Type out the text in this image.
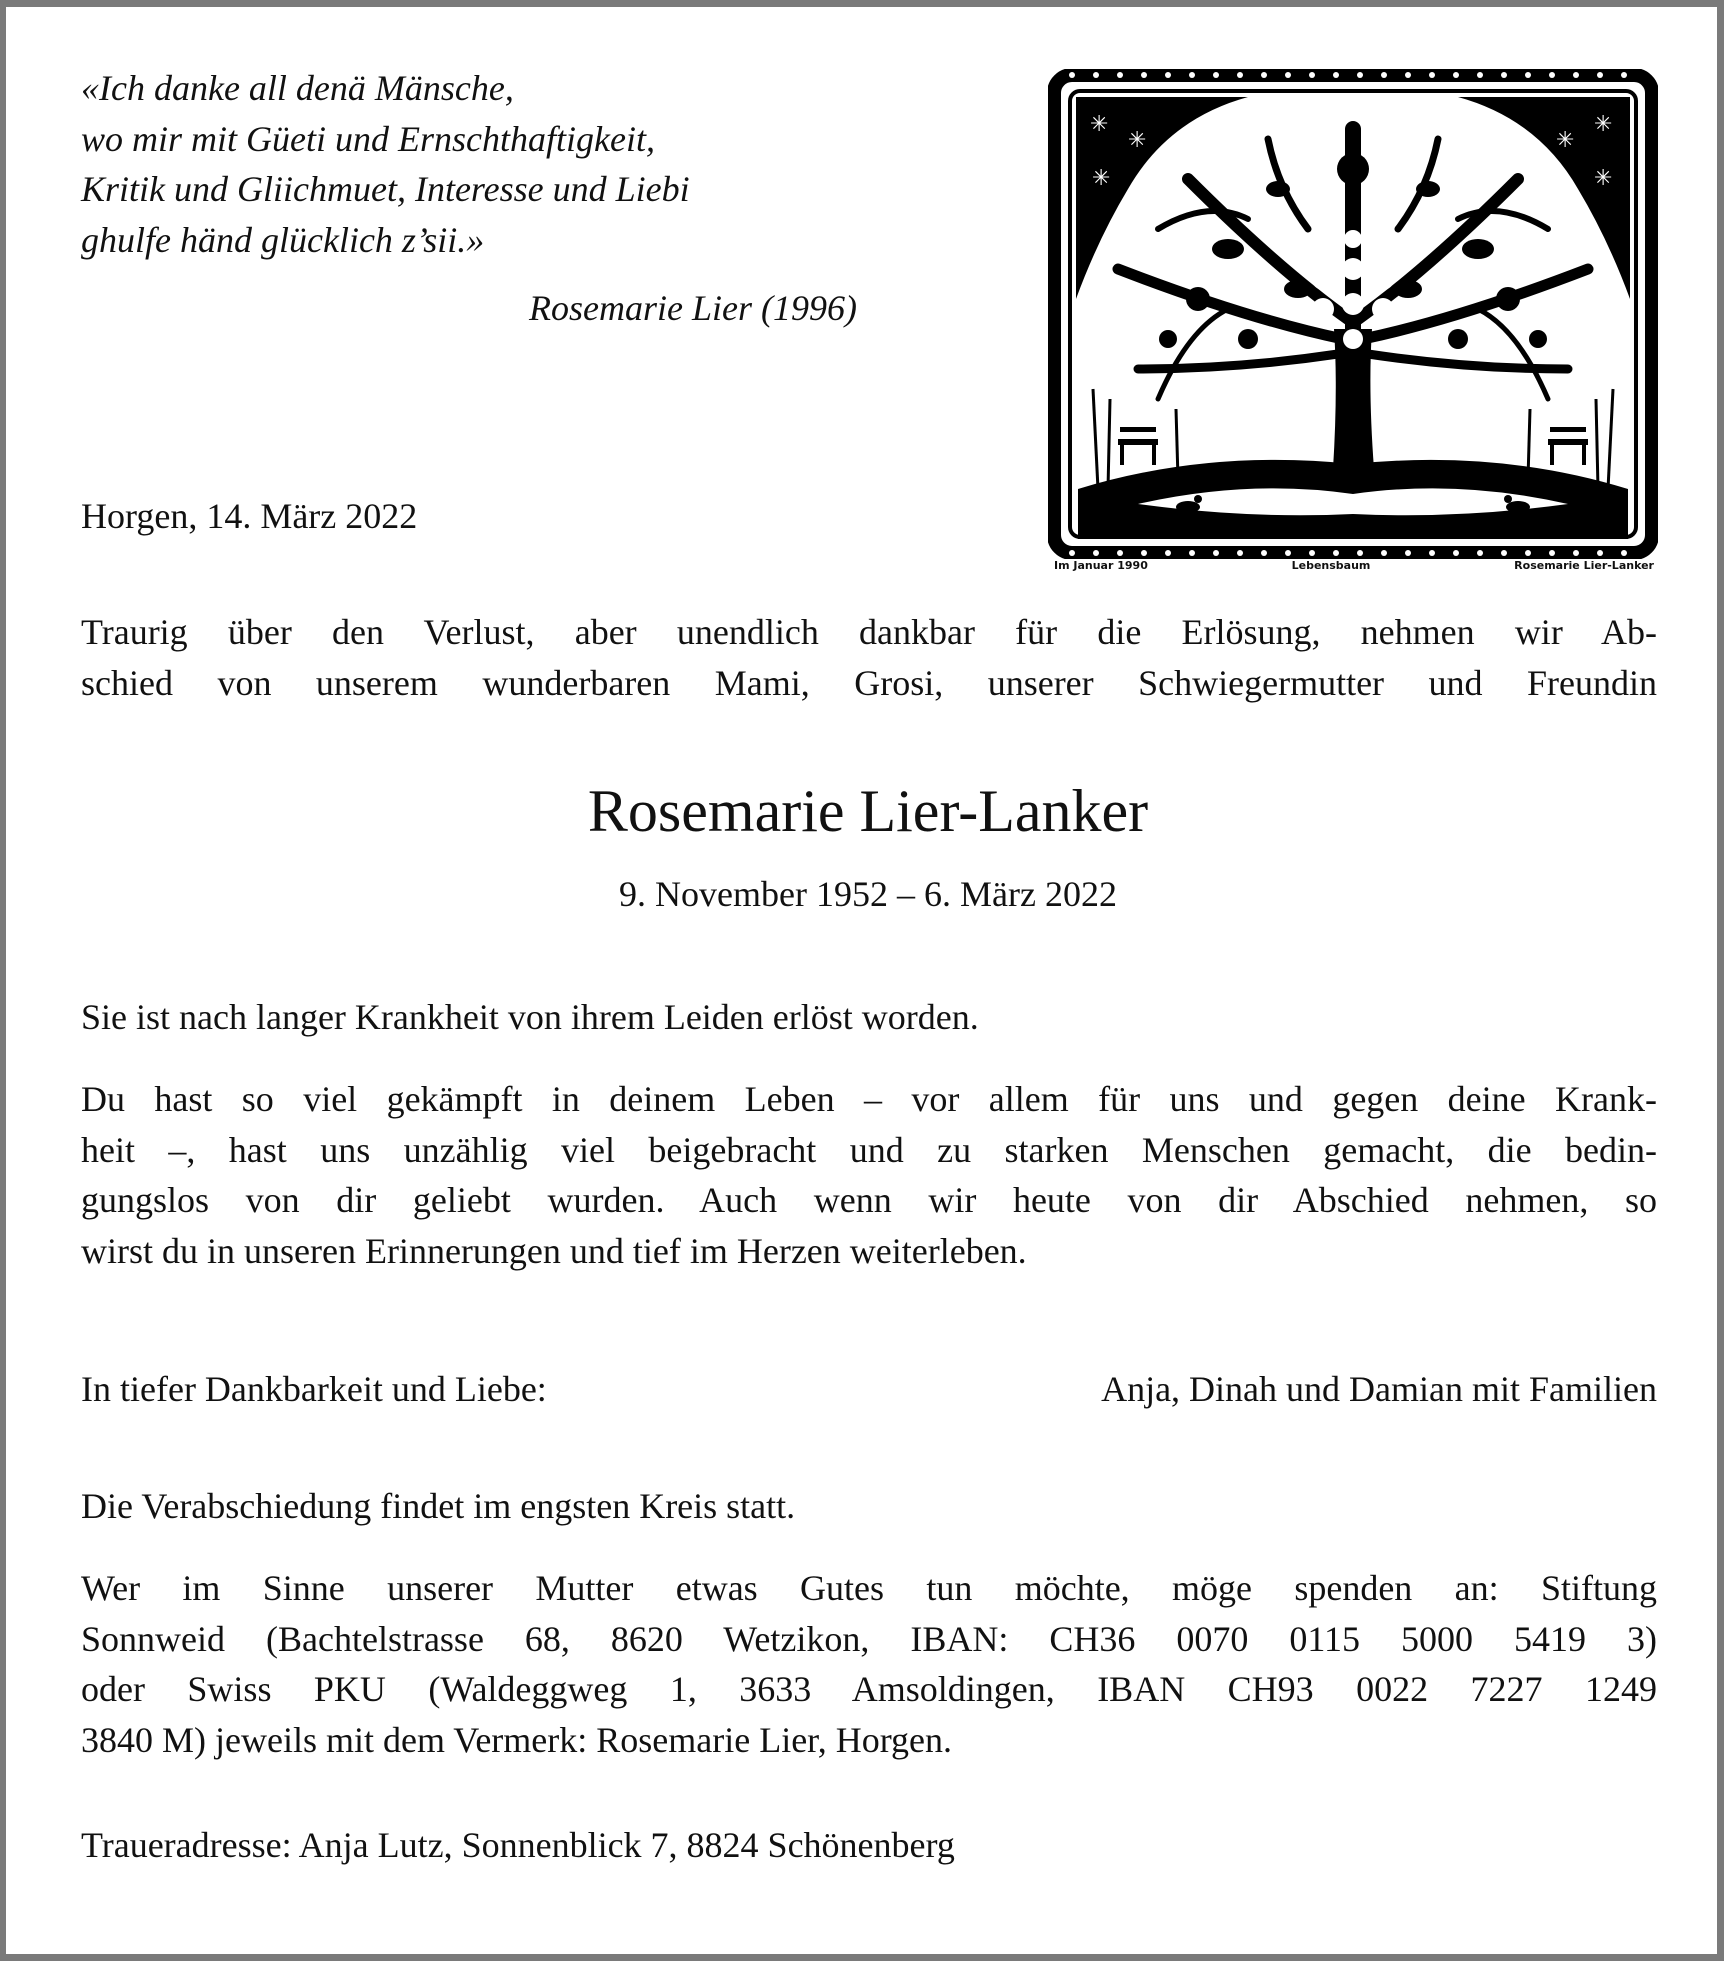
«Ich danke all denä Mänsche,
wo mir mit Güeti und Ernschthaftigkeit,
Kritik und Gliichmuet, Interesse und Liebi
ghulfe händ glücklich z’sii.»
Rosemarie Lier (1996)
Horgen, 14. März 2022
✳
✳
✳
✳
✳
✳
Im Januar 1990	Lebensbaum	Rosemarie Lier-Lanker
Traurig über den Verlust, aber unendlich dankbar für die Erlösung, nehmen wir Ab-
schied von unserem wunderbaren Mami, Grosi, unserer Schwiegermutter und Freundin
Rosemarie Lier-Lanker
9. November 1952 – 6. März 2022
Sie ist nach langer Krankheit von ihrem Leiden erlöst worden.
Du hast so viel gekämpft in deinem Leben – vor allem für uns und gegen deine Krank-
heit –, hast uns unzählig viel beigebracht und zu starken Menschen gemacht, die bedin-
gungslos von dir geliebt wurden. Auch wenn wir heute von dir Abschied nehmen, so
wirst du in unseren Erinnerungen und tief im Herzen weiterleben.
In tiefer Dankbarkeit und Liebe:	Anja, Dinah und Damian mit Familien
Die Verabschiedung findet im engsten Kreis statt.
Wer im Sinne unserer Mutter etwas Gutes tun möchte, möge spenden an: Stiftung
Sonnweid (Bachtelstrasse 68, 8620 Wetzikon, IBAN: CH36 0070 0115 5000 5419 3)
oder Swiss PKU (Waldeggweg 1, 3633 Amsoldingen, IBAN CH93 0022 7227 1249
3840 M) jeweils mit dem Vermerk: Rosemarie Lier, Horgen.
Traueradresse: Anja Lutz, Sonnenblick 7, 8824 Schönenberg
